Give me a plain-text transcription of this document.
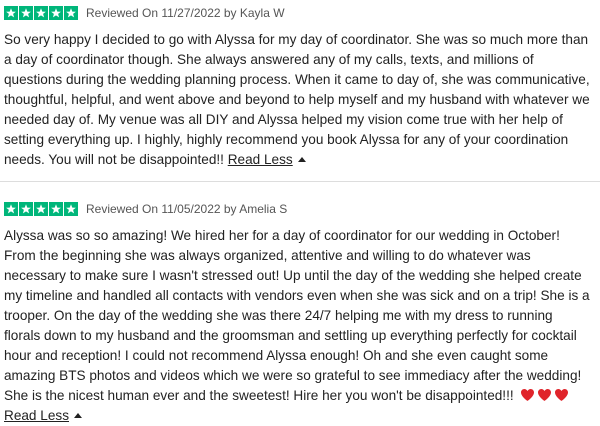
Reviewed On 11/27/2022 by Kayla W
So very happy I decided to go with Alyssa for my day of coordinator. She was so much more than a day of coordinator though. She always answered any of my calls, texts, and millions of questions during the wedding planning process. When it came to day of, she was communicative, thoughtful, helpful, and went above and beyond to help myself and my husband with whatever we needed day of. My venue was all DIY and Alyssa helped my vision come true with her help of setting everything up. I highly, highly recommend you book Alyssa for any of your coordination needs. You will not be disappointed!! Read Less
Reviewed On 11/05/2022 by Amelia S
Alyssa was so so amazing! We hired her for a day of coordinator for our wedding in October! From the beginning she was always organized, attentive and willing to do whatever was necessary to make sure I wasn't stressed out! Up until the day of the wedding she helped create my timeline and handled all contacts with vendors even when she was sick and on a trip! She is a trooper. On the day of the wedding she was there 24/7 helping me with my dress to running florals down to my husband and the groomsman and settling up everything perfectly for cocktail hour and reception! I could not recommend Alyssa enough! Oh and she even caught some amazing BTS photos and videos which we were so grateful to see immediacy after the wedding! She is the nicest human ever and the sweetest! Hire her you won't be disappointed!!!
Read Less
